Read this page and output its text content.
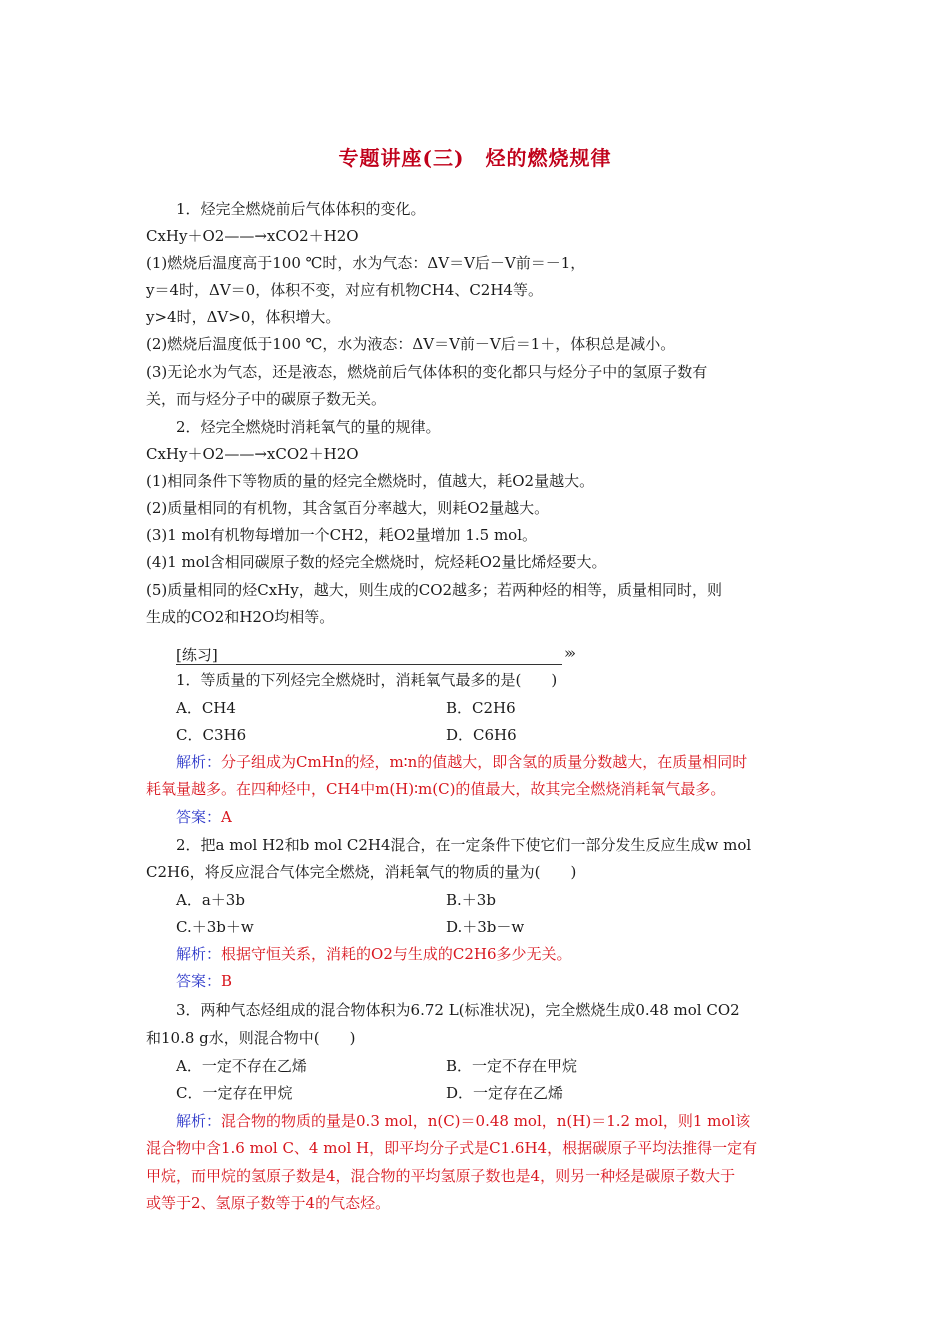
专题讲座(三)　烃的燃烧规律
1．烃完全燃烧前后气体体积的变化。
CxHy＋O2——→xCO2＋H2O
(1)燃烧后温度高于100 ℃时，水为气态：ΔV＝V后－V前＝－1，
y＝4时，ΔV＝0，体积不变，对应有机物CH4、C2H4等。
y>4时，ΔV>0，体积增大。
(2)燃烧后温度低于100 ℃，水为液态：ΔV＝V前－V后＝1＋，体积总是减小。
(3)无论水为气态，还是液态，燃烧前后气体体积的变化都只与烃分子中的氢原子数有
关，而与烃分子中的碳原子数无关。
2．烃完全燃烧时消耗氧气的量的规律。
CxHy＋O2——→xCO2＋H2O
(1)相同条件下等物质的量的烃完全燃烧时，值越大，耗O2量越大。
(2)质量相同的有机物，其含氢百分率越大，则耗O2量越大。
(3)1 mol有机物每增加一个CH2，耗O2量增加 1.5 mol。
(4)1 mol含相同碳原子数的烃完全燃烧时，烷烃耗O2量比烯烃要大。
(5)质量相同的烃CxHy，越大，则生成的CO2越多；若两种烃的相等，质量相同时，则
生成的CO2和H2O均相等。
[练习]	›››
1．等质量的下列烃完全燃烧时，消耗氧气最多的是(　　)
A．CH4	B．C2H6
C．C3H6	D．C6H6
解析：分子组成为CmHn的烃，m∶n的值越大，即含氢的质量分数越大，在质量相同时
耗氧量越多。在四种烃中，CH4中m(H)∶m(C)的值最大，故其完全燃烧消耗氧气最多。
答案：A
2．把a mol H2和b mol C2H4混合，在一定条件下使它们一部分发生反应生成w mol
C2H6，将反应混合气体完全燃烧，消耗氧气的物质的量为(　　)
A．a＋3b	B.＋3b
C.＋3b＋w	D.＋3b－w
解析：根据守恒关系，消耗的O2与生成的C2H6多少无关。
答案：B
3．两种气态烃组成的混合物体积为6.72 L(标准状况)，完全燃烧生成0.48 mol CO2
和10.8 g水，则混合物中(　　)
A．一定不存在乙烯	B．一定不存在甲烷
C．一定存在甲烷	D．一定存在乙烯
解析：混合物的物质的量是0.3 mol，n(C)＝0.48 mol，n(H)＝1.2 mol，则1 mol该
混合物中含1.6 mol C、4 mol H，即平均分子式是C1.6H4，根据碳原子平均法推得一定有
甲烷，而甲烷的氢原子数是4，混合物的平均氢原子数也是4，则另一种烃是碳原子数大于
或等于2、氢原子数等于4的气态烃。
